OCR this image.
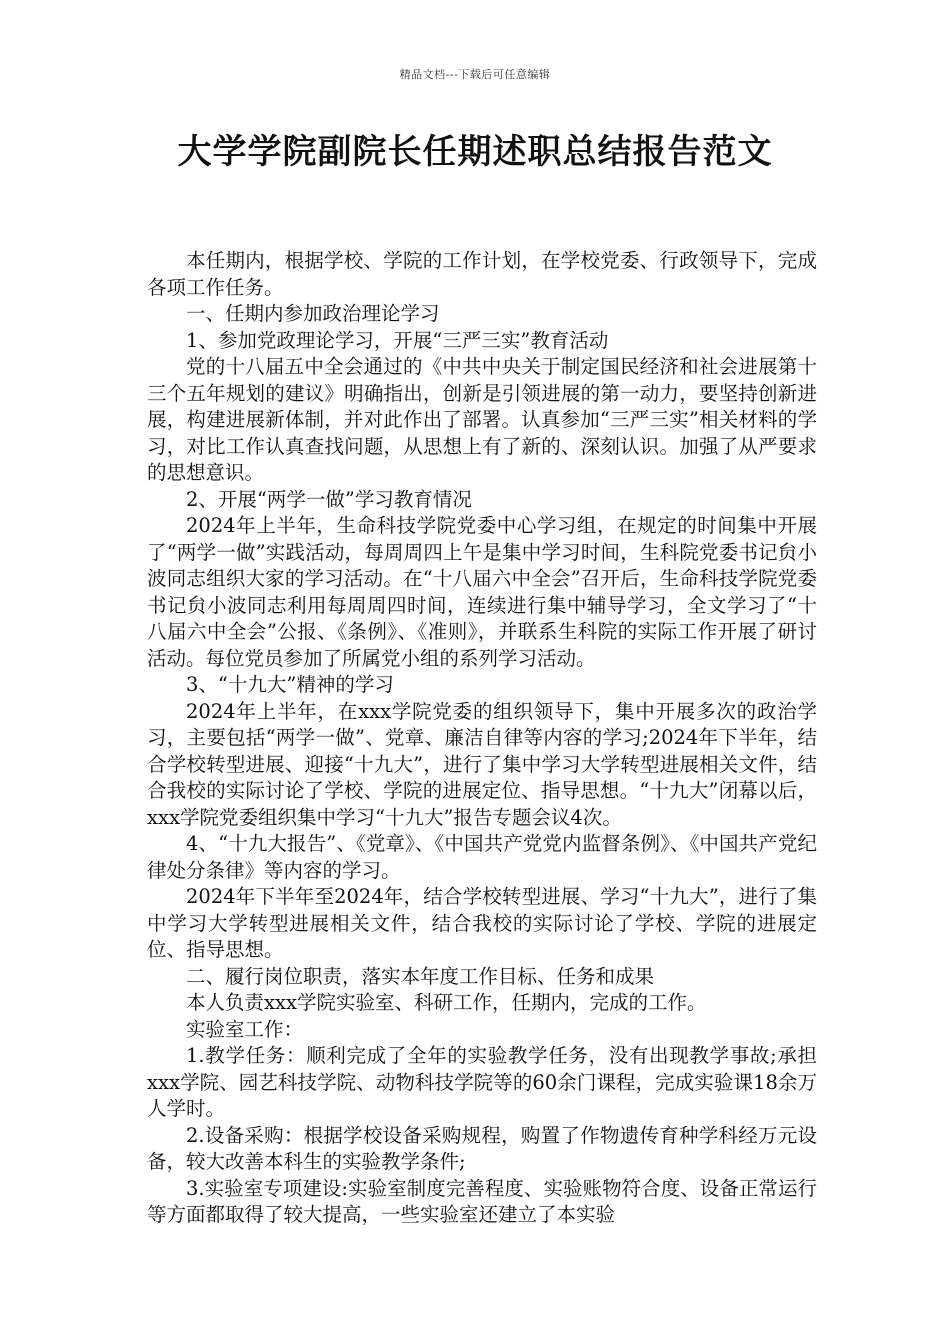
精品文档---下载后可任意编辑
大学学院副院长任期述职总结报告范文

本任期内，根据学校、学院的工作计划，在学校党委、行政领导下，完成各项工作任务。

一、任期内参加政治理论学习

1、参加党政理论学习，开展“三严三实”教育活动

党的十八届五中全会通过的《中共中央关于制定国民经济和社会进展第十三个五年规划的建议》明确指出，创新是引领进展的第一动力，要坚持创新进展，构建进展新体制，并对此作出了部署。认真参加“三严三实”相关材料的学习，对比工作认真查找问题，从思想上有了新的、深刻认识。加强了从严要求的思想意识。

2、开展“两学一做”学习教育情况

2024年上半年，生命科技学院党委中心学习组，在规定的时间集中开展了“两学一做”实践活动，每周周四上午是集中学习时间，生科院党委书记贠小波同志组织大家的学习活动。在“十八届六中全会”召开后，生命科技学院党委书记贠小波同志利用每周周四时间，连续进行集中辅导学习，全文学习了“十八届六中全会”公报、《条例》、《准则》，并联系生科院的实际工作开展了研讨活动。每位党员参加了所属党小组的系列学习活动。

3、“十九大”精神的学习

2024年上半年，在xxx学院党委的组织领导下，集中开展多次的政治学习，主要包括“两学一做”、党章、廉洁自律等内容的学习;2024年下半年，结合学校转型进展、迎接“十九大”，进行了集中学习大学转型进展相关文件，结合我校的实际讨论了学校、学院的进展定位、指导思想。“十九大”闭幕以后，xxx学院党委组织集中学习“十九大”报告专题会议4次。

4、“十九大报告”、《党章》、《中国共产党党内监督条例》、《中国共产党纪律处分条律》等内容的学习。

2024年下半年至2024年，结合学校转型进展、学习“十九大”，进行了集中学习大学转型进展相关文件，结合我校的实际讨论了学校、学院的进展定位、指导思想。

二、履行岗位职责，落实本年度工作目标、任务和成果

本人负责xxx学院实验室、科研工作，任期内，完成的工作。

实验室工作：

1.教学任务：顺利完成了全年的实验教学任务，没有出现教学事故;承担xxx学院、园艺科技学院、动物科技学院等的60余门课程，完成实验课18余万人学时。

2.设备采购：根据学校设备采购规程，购置了作物遗传育种学科经万元设备，较大改善本科生的实验教学条件;

3.实验室专项建设:实验室制度完善程度、实验账物符合度、设备正常运行等方面都取得了较大提高，一些实验室还建立了本实验
